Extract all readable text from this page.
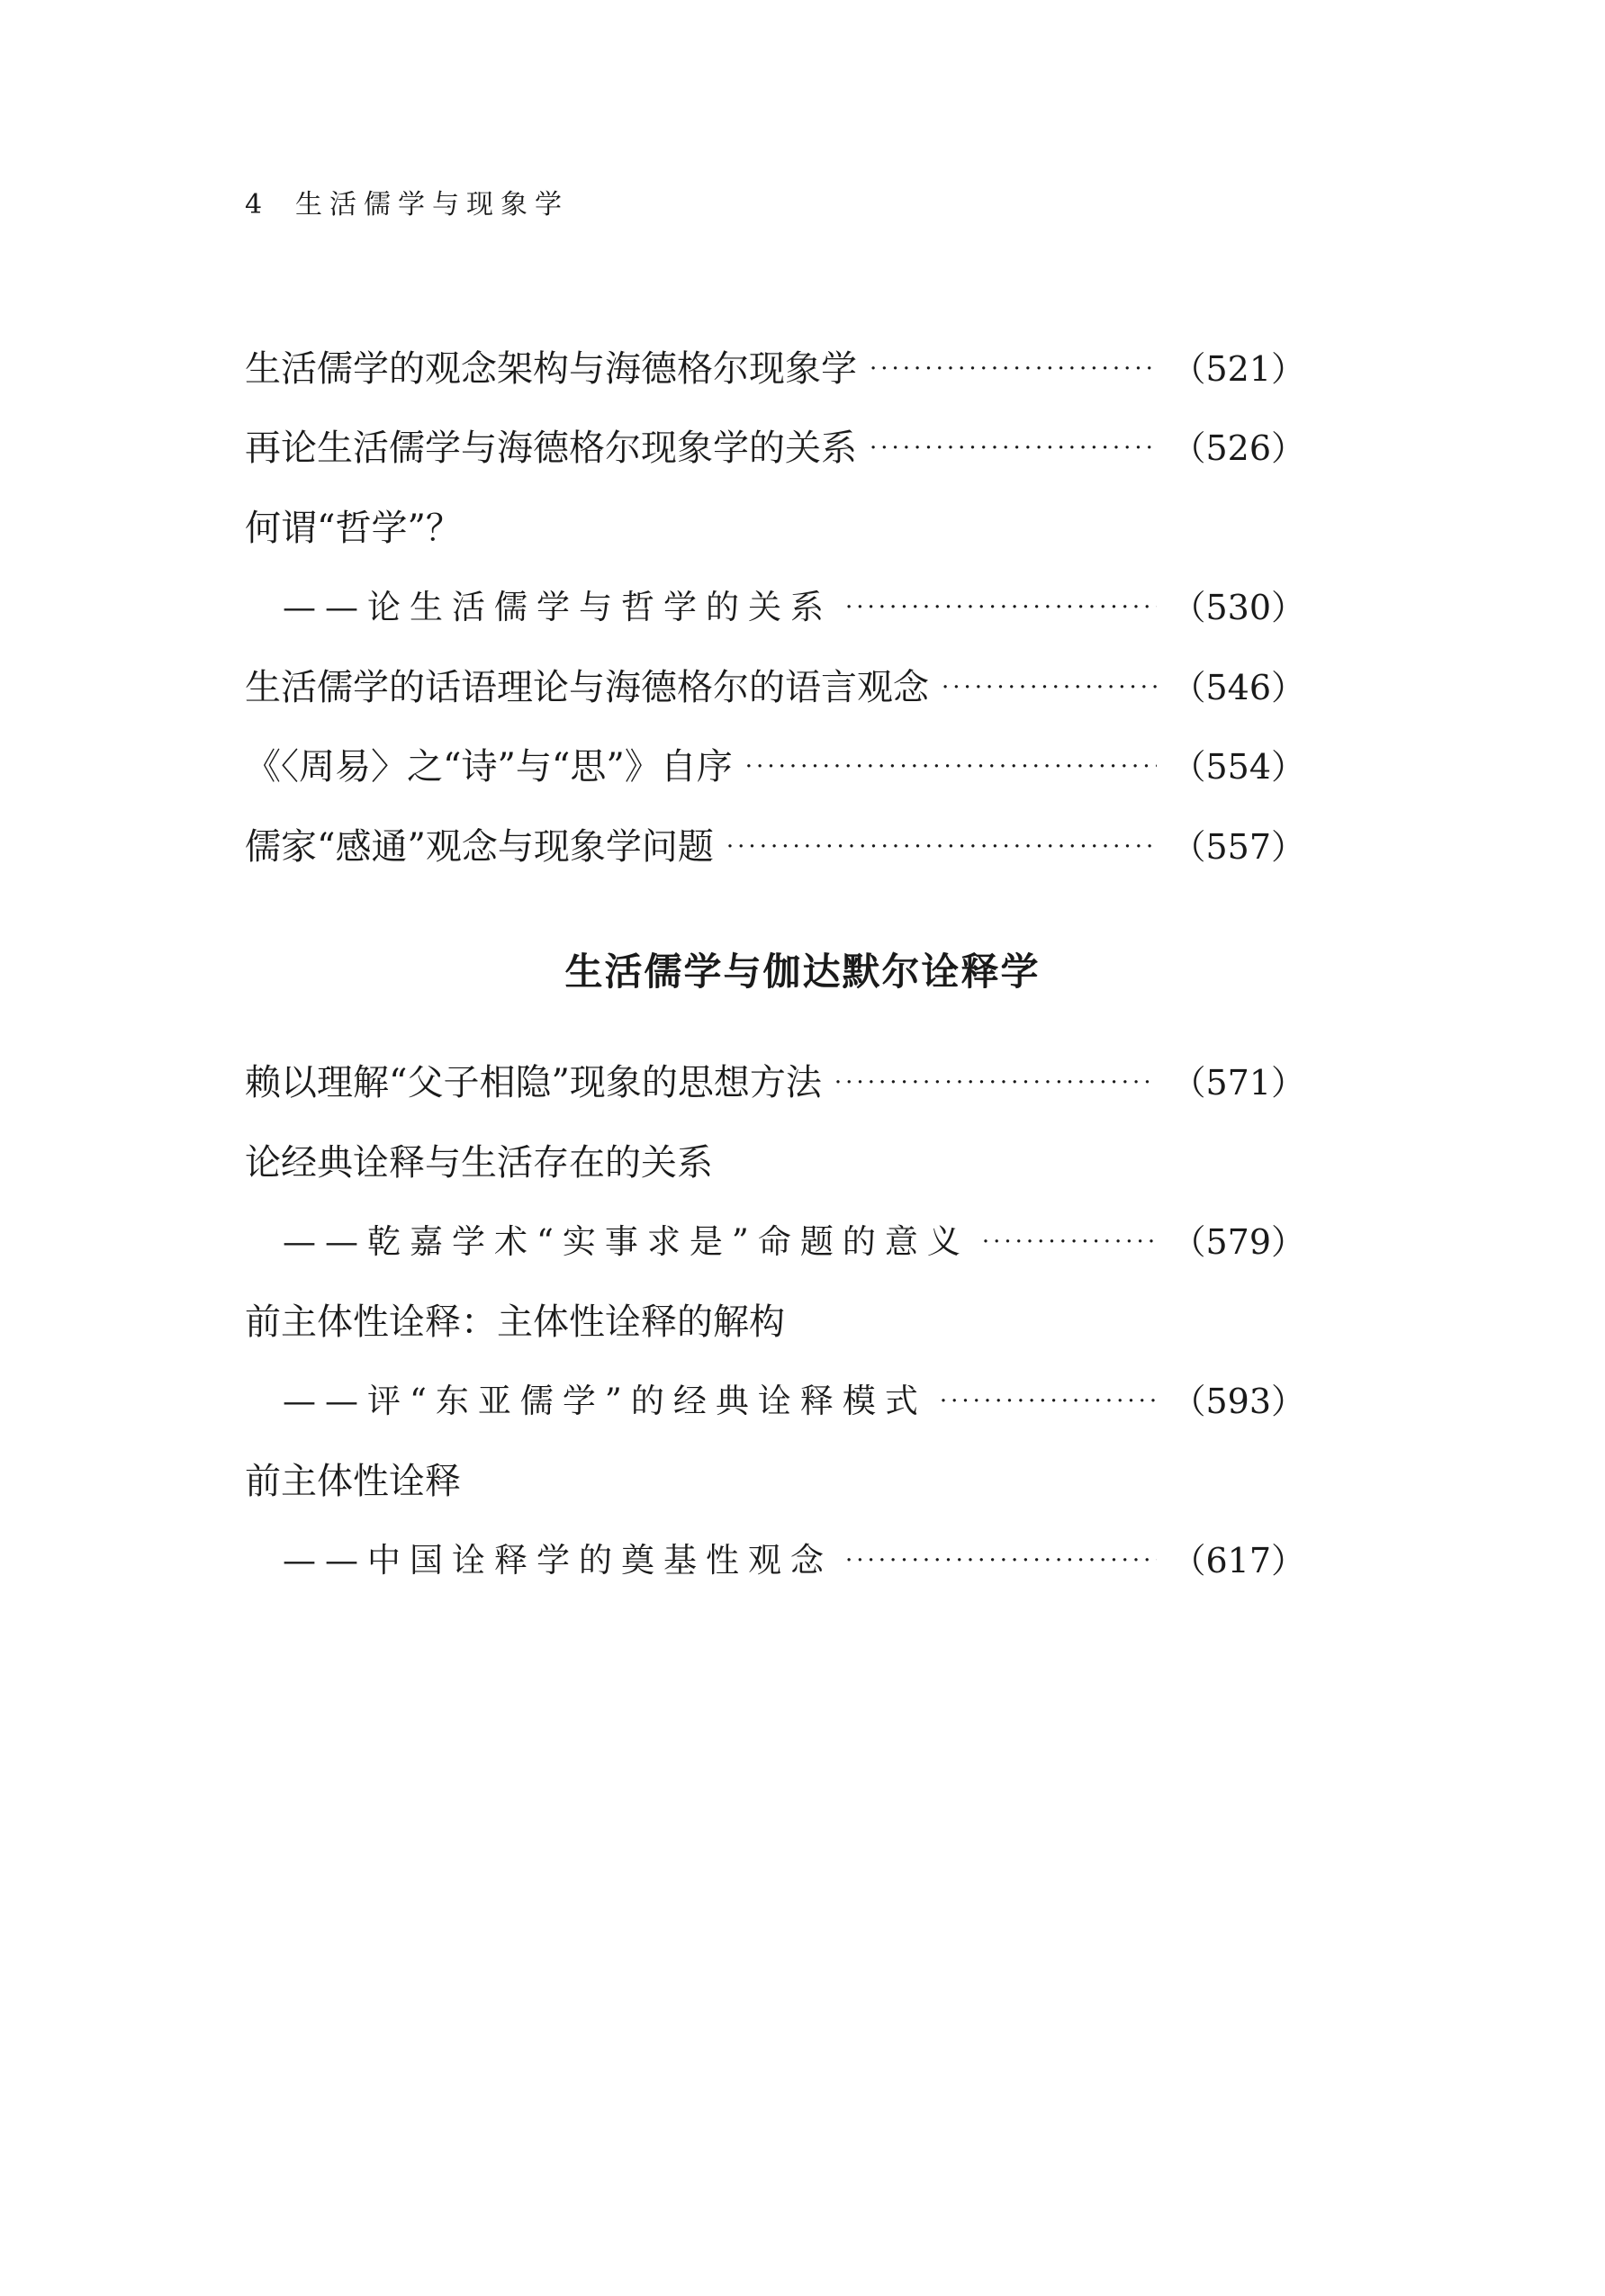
4 生活儒学与现象学
生活儒学的观念架构与海德格尔现象学 ·····	（521）
再论生活儒学与海德格尔现象学的关系 ·····	（526）
何谓“哲学”？
——论生活儒学与哲学的关系 ·····	（530）
生活儒学的话语理论与海德格尔的语言观念 ·····	（546）
《〈周易〉之“诗”与“思”》自序 ·····	（554）
儒家“感通”观念与现象学问题 ·····	（557）
生活儒学与伽达默尔诠释学
赖以理解“父子相隐”现象的思想方法 ·····	（571）
论经典诠释与生活存在的关系
——乾嘉学术“实事求是”命题的意义 ·····	（579）
前主体性诠释：主体性诠释的解构
——评“东亚儒学”的经典诠释模式 ·····	（593）
前主体性诠释
——中国诠释学的奠基性观念 ·····	（617）
